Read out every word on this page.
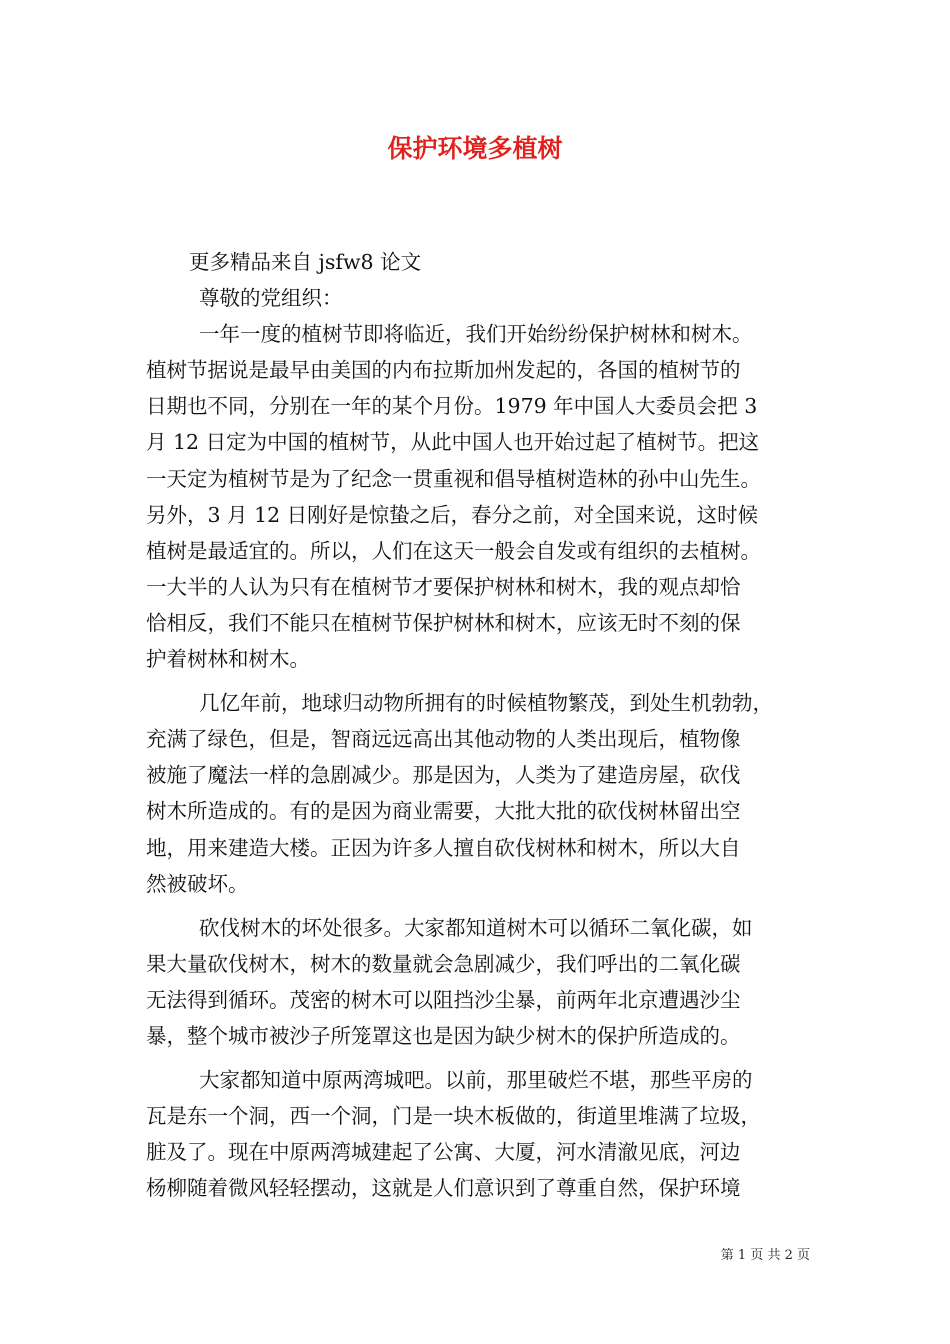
保护环境多植树
更多精品来自 jsfw8 论文
尊敬的党组织：
一年一度的植树节即将临近，我们开始纷纷保护树林和树木。
植树节据说是最早由美国的内布拉斯加州发起的，各国的植树节的
日期也不同，分别在一年的某个月份。1979 年中国人大委员会把 3
月 12 日定为中国的植树节，从此中国人也开始过起了植树节。把这
一天定为植树节是为了纪念一贯重视和倡导植树造林的孙中山先生。
另外，3 月 12 日刚好是惊蛰之后，春分之前，对全国来说，这时候
植树是最适宜的。所以，人们在这天一般会自发或有组织的去植树。
一大半的人认为只有在植树节才要保护树林和树木，我的观点却恰
恰相反，我们不能只在植树节保护树林和树木，应该无时不刻的保
护着树林和树木。
几亿年前，地球归动物所拥有的时候植物繁茂，到处生机勃勃，
充满了绿色，但是，智商远远高出其他动物的人类出现后，植物像
被施了魔法一样的急剧减少。那是因为，人类为了建造房屋，砍伐
树木所造成的。有的是因为商业需要，大批大批的砍伐树林留出空
地，用来建造大楼。正因为许多人擅自砍伐树林和树木，所以大自
然被破坏。
砍伐树木的坏处很多。大家都知道树木可以循环二氧化碳，如
果大量砍伐树木，树木的数量就会急剧减少，我们呼出的二氧化碳
无法得到循环。茂密的树木可以阻挡沙尘暴，前两年北京遭遇沙尘
暴，整个城市被沙子所笼罩这也是因为缺少树木的保护所造成的。
大家都知道中原两湾城吧。以前，那里破烂不堪，那些平房的
瓦是东一个洞，西一个洞，门是一块木板做的，街道里堆满了垃圾，
脏及了。现在中原两湾城建起了公寓、大厦，河水清澈见底，河边
杨柳随着微风轻轻摆动，这就是人们意识到了尊重自然，保护环境
第 1 页 共 2 页
